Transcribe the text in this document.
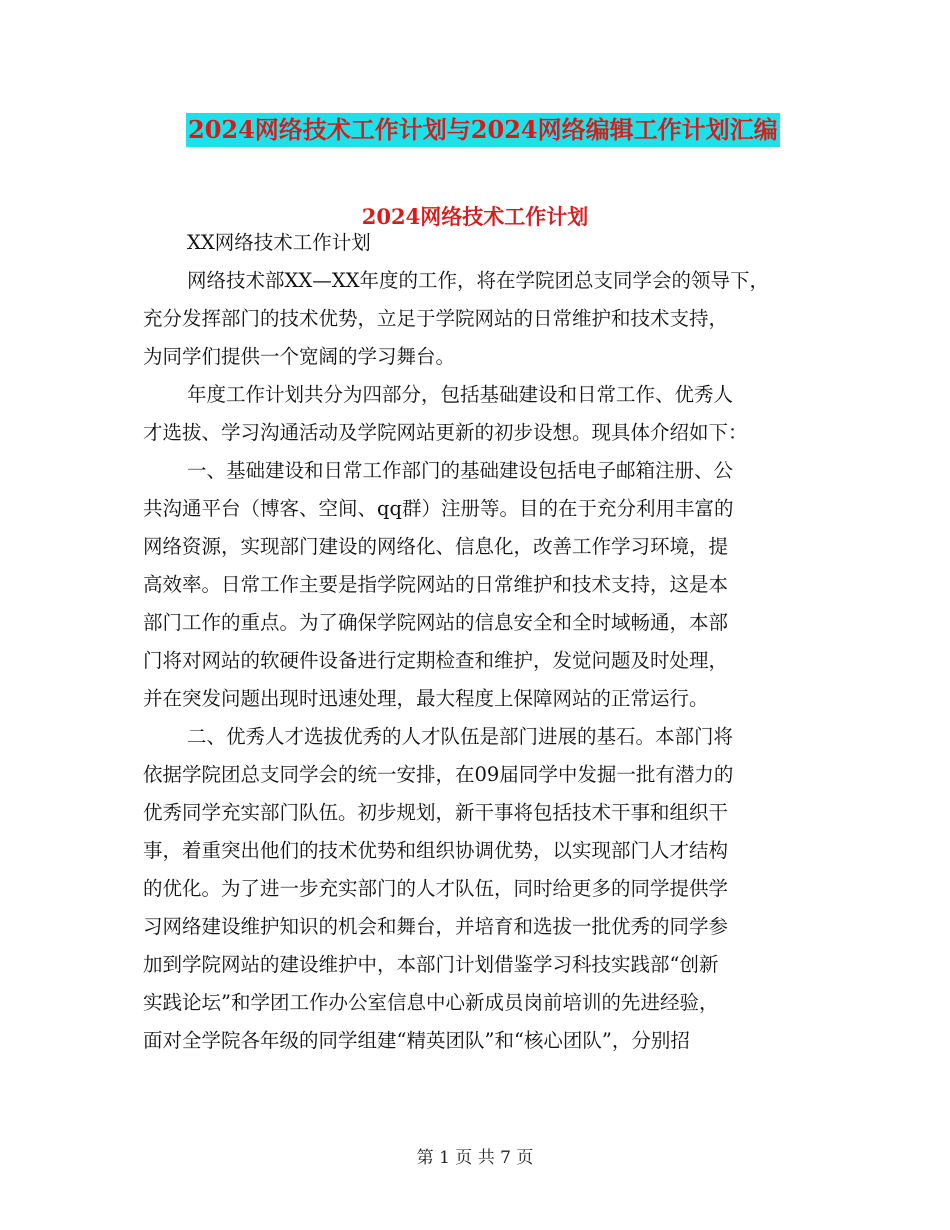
2024网络技术工作计划与2024网络编辑工作计划汇编
2024网络技术工作计划
XX网络技术工作计划
网络技术部XX—XX年度的工作，将在学院团总支同学会的领导下，
充分发挥部门的技术优势，立足于学院网站的日常维护和技术支持，
为同学们提供一个宽阔的学习舞台。
年度工作计划共分为四部分，包括基础建设和日常工作、优秀人
才选拔、学习沟通活动及学院网站更新的初步设想。现具体介绍如下：
一、基础建设和日常工作部门的基础建设包括电子邮箱注册、公
共沟通平台（博客、空间、qq群）注册等。目的在于充分利用丰富的
网络资源，实现部门建设的网络化、信息化，改善工作学习环境，提
高效率。日常工作主要是指学院网站的日常维护和技术支持，这是本
部门工作的重点。为了确保学院网站的信息安全和全时域畅通，本部
门将对网站的软硬件设备进行定期检查和维护，发觉问题及时处理，
并在突发问题出现时迅速处理，最大程度上保障网站的正常运行。
二、优秀人才选拔优秀的人才队伍是部门进展的基石。本部门将
依据学院团总支同学会的统一安排，在09届同学中发掘一批有潜力的
优秀同学充实部门队伍。初步规划，新干事将包括技术干事和组织干
事，着重突出他们的技术优势和组织协调优势，以实现部门人才结构
的优化。为了进一步充实部门的人才队伍，同时给更多的同学提供学
习网络建设维护知识的机会和舞台，并培育和选拔一批优秀的同学参
加到学院网站的建设维护中，本部门计划借鉴学习科技实践部“创新
实践论坛”和学团工作办公室信息中心新成员岗前培训的先进经验，
面对全学院各年级的同学组建“精英团队”和“核心团队”，分别招
第 1 页 共 7 页
